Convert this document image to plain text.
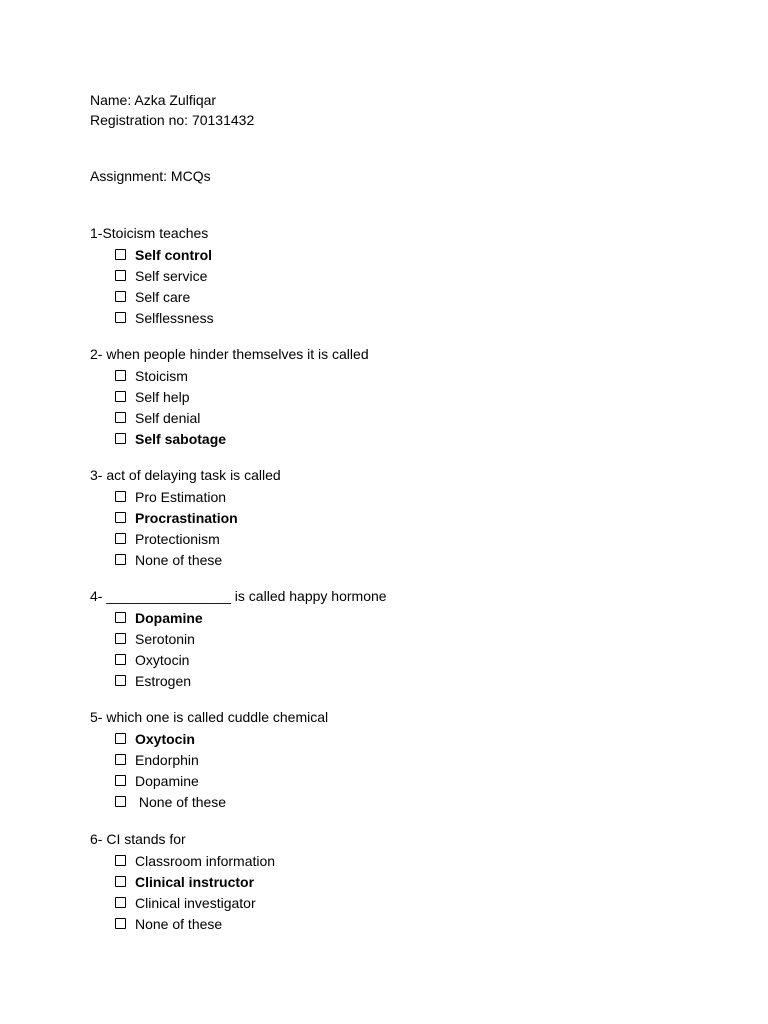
Name: Azka Zulfiqar
Registration no: 70131432
Assignment: MCQs
1-Stoicism teaches
Self control
Self service
Self care
Selflessness
2- when people hinder themselves it is called
Stoicism
Self help
Self denial
Self sabotage
3- act of delaying task is called
Pro Estimation
Procrastination
Protectionism
None of these
4- ________________ is called happy hormone
Dopamine
Serotonin
Oxytocin
Estrogen
5- which one is called cuddle chemical
Oxytocin
Endorphin
Dopamine
None of these
6- CI stands for
Classroom information
Clinical instructor
Clinical investigator
None of these
